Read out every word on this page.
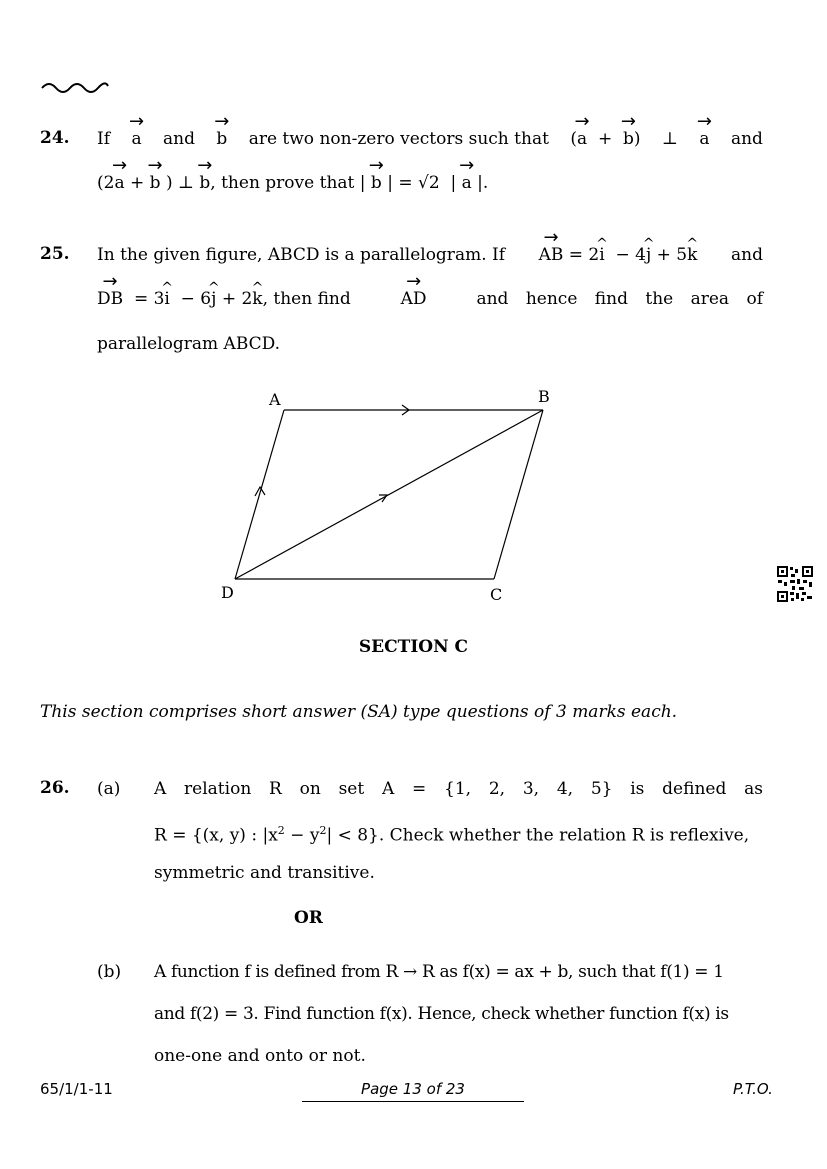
24. If → a and → b are two non-zero vectors such that (→ a + → b) ⊥ → a and
(2→ a + → b ) ⊥ → b, then prove that | → b | = √2 | → a |.
25. In the given figure, ABCD is a parallelogram. If → AB = 2^ i − 4^ j + 5^ k and
→ DB = 3^ i − 6^ j + 2^ k, then find	→ AD	and hence find the area of
parallelogram ABCD.
A	B
C
D
SECTION C
This section comprises short answer (SA) type questions of 3 marks each.
26. (a) A relation R on set A = {1, 2, 3, 4, 5} is defined as
R = {(x, y) : $|x^2 - y^2| < 8$}. Check whether the relation R is reflexive,
symmetric and transitive.
OR
(b) A function f is defined from R → R as f(x) = ax + b, such that f(1) = 1
and f(2) = 3. Find function f(x). Hence, check whether function f(x) is
one-one and onto or not.
65/1/1-11	Page 13 of 23	P.T.O.
